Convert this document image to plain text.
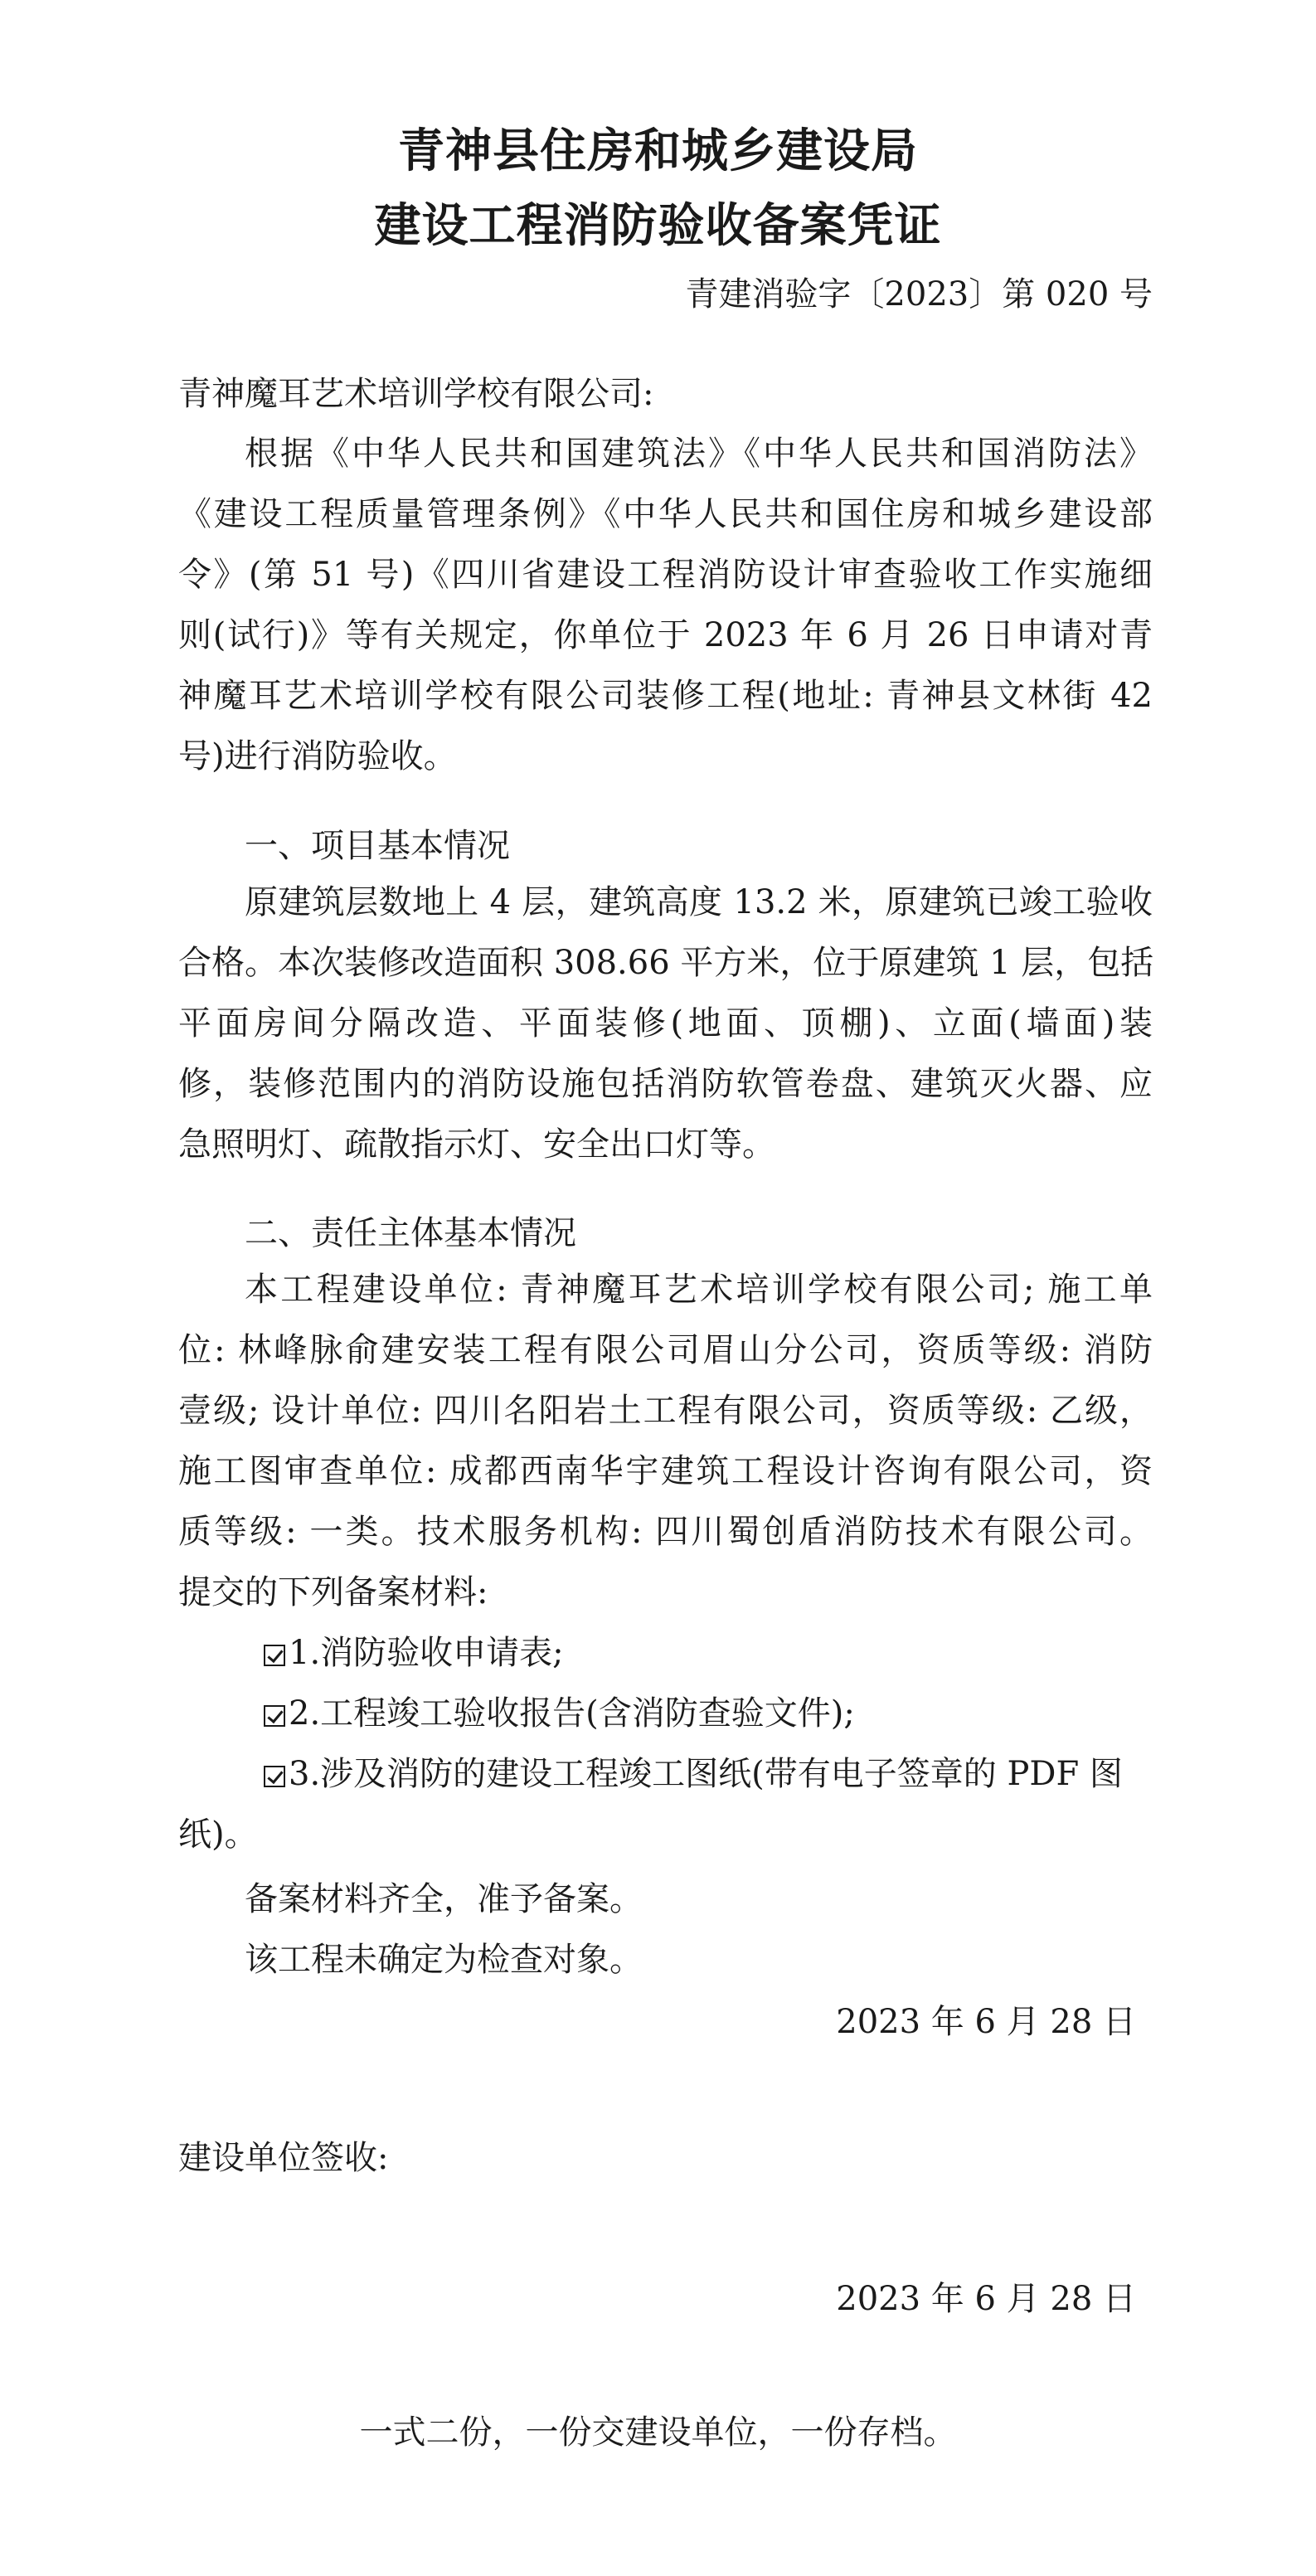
青神县住房和城乡建设局
建设工程消防验收备案凭证
青建消验字〔2023〕第 020 号
青神魔耳艺术培训学校有限公司:
根据《中华人民共和国建筑法》《中华人民共和国消防法》
《建设工程质量管理条例》《中华人民共和国住房和城乡建设部
令》(第 51 号)《四川省建设工程消防设计审查验收工作实施细
则(试行)》等有关规定，你单位于 2023 年 6 月 26 日申请对青
神魔耳艺术培训学校有限公司装修工程(地址: 青神县文林街 42
号)进行消防验收。
一、项目基本情况
原建筑层数地上 4 层，建筑高度 13.2 米，原建筑已竣工验收
合格。本次装修改造面积 308.66 平方米，位于原建筑 1 层，包括
平面房间分隔改造、平面装修(地面、顶棚)、立面(墙面)装
修，装修范围内的消防设施包括消防软管卷盘、建筑灭火器、应
急照明灯、疏散指示灯、安全出口灯等。
二、责任主体基本情况
本工程建设单位: 青神魔耳艺术培训学校有限公司; 施工单
位: 林峰脉俞建安装工程有限公司眉山分公司，资质等级: 消防
壹级; 设计单位: 四川名阳岩土工程有限公司，资质等级: 乙级，
施工图审查单位: 成都西南华宇建筑工程设计咨询有限公司，资
质等级: 一类。技术服务机构: 四川蜀创盾消防技术有限公司。
提交的下列备案材料:
1.消防验收申请表;
2.工程竣工验收报告(含消防查验文件);
3.涉及消防的建设工程竣工图纸(带有电子签章的 PDF 图
纸)。
备案材料齐全，准予备案。
该工程未确定为检查对象。
2023 年 6 月 28 日
建设单位签收:
2023 年 6 月 28 日
一式二份，一份交建设单位，一份存档。
